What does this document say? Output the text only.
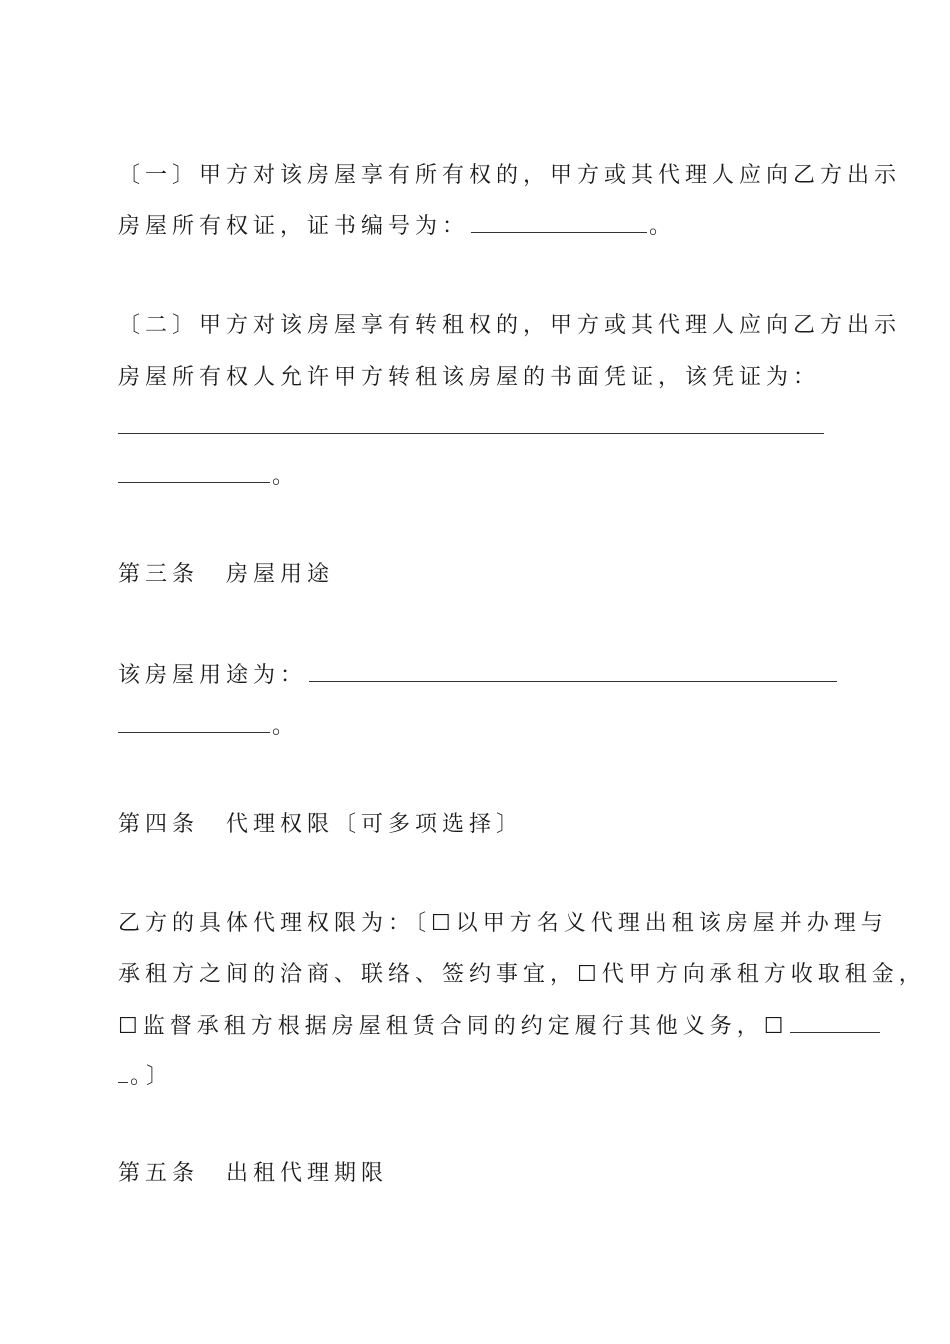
〔一〕甲方对该房屋享有所有权的，甲方或其代理人应向乙方出示
房屋所有权证，证书编号为：	。
〔二〕甲方对该房屋享有转租权的，甲方或其代理人应向乙方出示
房屋所有权人允许甲方转租该房屋的书面凭证，该凭证为：
。
第三条　房屋用途
该房屋用途为：
。
第四条　代理权限〔可多项选择〕
乙方的具体代理权限为：〔☐以甲方名义代理出租该房屋并办理与
承租方之间的洽商、联络、签约事宜，☐代甲方向承租方收取租金，
☐监督承租方根据房屋租赁合同的约定履行其他义务，☐
。〕
第五条　出租代理期限
